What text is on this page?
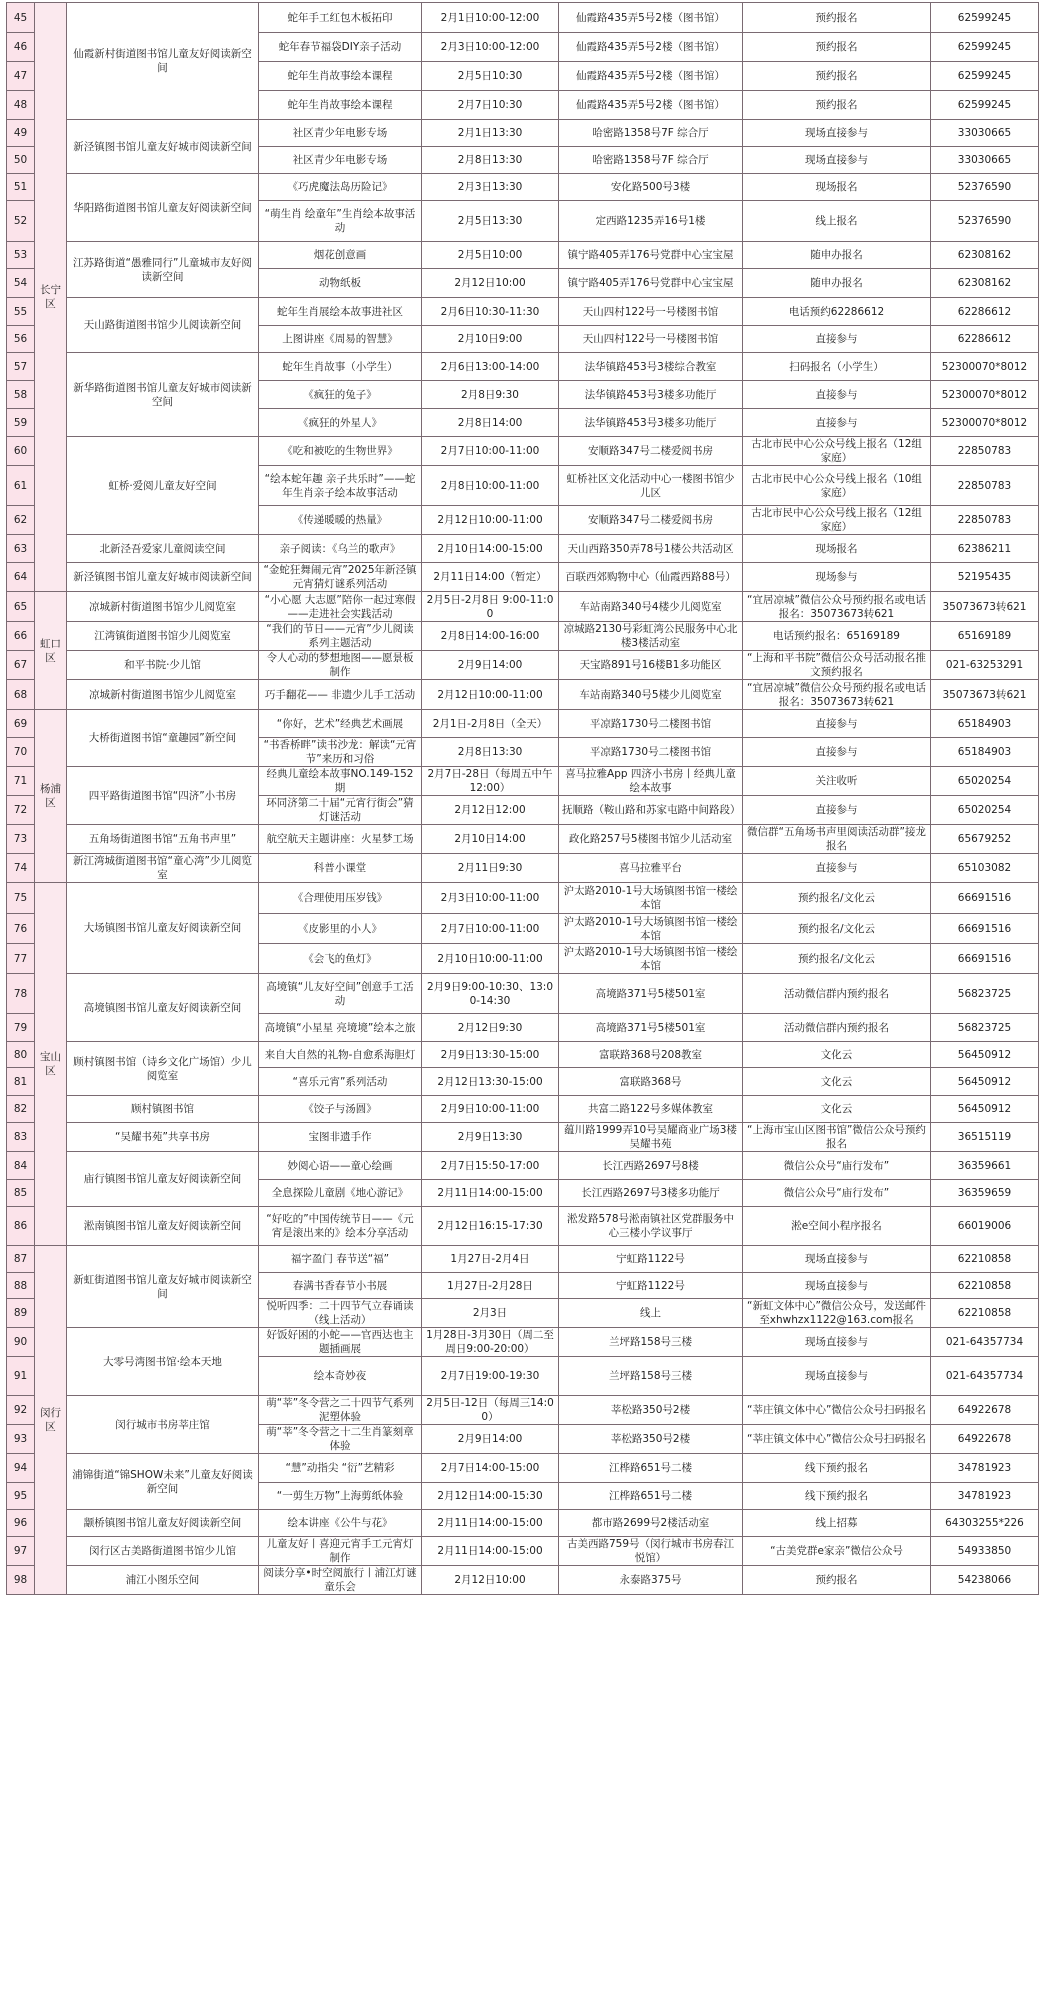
45	长宁区	仙霞新村街道图书馆儿童友好阅读新空间	蛇年手工红包木板拓印	2月1日10:00-12:00	仙霞路435弄5号2楼（图书馆）	预约报名	62599245
46			蛇年春节福袋DIY亲子活动	2月3日10:00-12:00	仙霞路435弄5号2楼（图书馆）	预约报名	62599245
47			蛇年生肖故事绘本课程	2月5日10:30	仙霞路435弄5号2楼（图书馆）	预约报名	62599245
48			蛇年生肖故事绘本课程	2月7日10:30	仙霞路435弄5号2楼（图书馆）	预约报名	62599245
49		新泾镇图书馆儿童友好城市阅读新空间	社区青少年电影专场	2月1日13:30	哈密路1358号7F 综合厅	现场直接参与	33030665
50			社区青少年电影专场	2月8日13:30	哈密路1358号7F 综合厅	现场直接参与	33030665
51		华阳路街道图书馆儿童友好阅读新空间	《巧虎魔法岛历险记》	2月3日13:30	安化路500号3楼	现场报名	52376590
52			“萌生肖 绘童年”生肖绘本故事活动	2月5日13:30	定西路1235弄16号1楼	线上报名	52376590
53		江苏路街道“愚雅同行”儿童城市友好阅读新空间	烟花创意画	2月5日10:00	镇宁路405弄176号党群中心宝宝屋	随申办报名	62308162
54			动物纸板	2月12日10:00	镇宁路405弄176号党群中心宝宝屋	随申办报名	62308162
55		天山路街道图书馆少儿阅读新空间	蛇年生肖展绘本故事进社区	2月6日10:30-11:30	天山四村122号一号楼图书馆	电话预约62286612	62286612
56			上图讲座《周易的智慧》	2月10日9:00	天山四村122号一号楼图书馆	直接参与	62286612
57		新华路街道图书馆儿童友好城市阅读新空间	蛇年生肖故事（小学生）	2月6日13:00-14:00	法华镇路453号3楼综合教室	扫码报名（小学生）	52300070*8012
58			《疯狂的兔子》	2月8日9:30	法华镇路453号3楼多功能厅	直接参与	52300070*8012
59			《疯狂的外星人》	2月8日14:00	法华镇路453号3楼多功能厅	直接参与	52300070*8012
60		虹桥·爱阅儿童友好空间	《吃和被吃的生物世界》	2月7日10:00-11:00	安顺路347号二楼爱阅书房	古北市民中心公众号线上报名（12组家庭）	22850783
61			“绘本蛇年趣 亲子共乐时”——蛇年生肖亲子绘本故事活动	2月8日10:00-11:00	虹桥社区文化活动中心一楼图书馆少儿区	古北市民中心公众号线上报名（10组家庭）	22850783
62			《传递暖暖的热量》	2月12日10:00-11:00	安顺路347号二楼爱阅书房	古北市民中心公众号线上报名（12组家庭）	22850783
63		北新泾吾爱家儿童阅读空间	亲子阅读：《乌兰的歌声》	2月10日14:00-15:00	天山西路350弄78号1楼公共活动区	现场报名	62386211
64		新泾镇图书馆儿童友好城市阅读新空间	“金蛇狂舞闹元宵”2025年新泾镇元宵猜灯谜系列活动	2月11日14:00（暂定）	百联西郊购物中心（仙霞西路88号）	现场参与	52195435
65	虹口区	凉城新村街道图书馆少儿阅览室	“小心愿 大志愿”陪你一起过寒假——走进社会实践活动	2月5日-2月8日 9:00-11:00	车站南路340号4楼少儿阅览室	“宜居凉城”微信公众号预约报名或电话报名：35073673转621	35073673转621
66		江湾镇街道图书馆少儿阅览室	“我们的节日——元宵”少儿阅读系列主题活动	2月8日14:00-16:00	凉城路2130号彩虹湾公民服务中心北楼3楼活动室	电话预约报名：65169189	65169189
67		和平书院·少儿馆	令人心动的梦想地图——愿景板制作	2月9日14:00	天宝路891号16楼B1多功能区	“上海和平书院”微信公众号活动报名推文预约报名	021-63253291
68		凉城新村街道图书馆少儿阅览室	巧手翻花—— 非遗少儿手工活动	2月12日10:00-11:00	车站南路340号5楼少儿阅览室	“宜居凉城”微信公众号预约报名或电话报名：35073673转621	35073673转621
69	杨浦区	大桥街道图书馆“童趣园”新空间	“你好，艺术”经典艺术画展	2月1日-2月8日（全天）	平凉路1730号二楼图书馆	直接参与	65184903
70			“书香桥畔”读书沙龙：解读“元宵节”来历和习俗	2月8日13:30	平凉路1730号二楼图书馆	直接参与	65184903
71		四平路街道图书馆“四济”小书房	经典儿童绘本故事NO.149-152期	2月7日-28日（每周五中午12:00）	喜马拉雅App 四济小书房丨经典儿童绘本故事	关注收听	65020254
72			环同济第二十届“元宵行街会”猜灯谜活动	2月12日12:00	抚顺路（鞍山路和苏家屯路中间路段）	直接参与	65020254
73		五角场街道图书馆“五角书声里”	航空航天主题讲座：火星梦工场	2月10日14:00	政化路257号5楼图书馆少儿活动室	微信群“五角场书声里阅读活动群”接龙报名	65679252
74		新江湾城街道图书馆“童心湾”少儿阅览室	科普小课堂	2月11日9:30	喜马拉雅平台	直接参与	65103082
75	宝山区	大场镇图书馆儿童友好阅读新空间	《合理使用压岁钱》	2月3日10:00-11:00	沪太路2010-1号大场镇图书馆一楼绘本馆	预约报名/文化云	66691516
76			《皮影里的小人》	2月7日10:00-11:00	沪太路2010-1号大场镇图书馆一楼绘本馆	预约报名/文化云	66691516
77			《会飞的鱼灯》	2月10日10:00-11:00	沪太路2010-1号大场镇图书馆一楼绘本馆	预约报名/文化云	66691516
78		高境镇图书馆儿童友好阅读新空间	高境镇“儿友好空间”创意手工活动	2月9日9:00-10:30、13:00-14:30	高境路371号5楼501室	活动微信群内预约报名	56823725
79			高境镇“小星星 亮境境”绘本之旅	2月12日9:30	高境路371号5楼501室	活动微信群内预约报名	56823725
80		顾村镇图书馆（诗乡文化广场馆）少儿阅览室	来自大自然的礼物-自愈系海胆灯	2月9日13:30-15:00	富联路368号208教室	文化云	56450912
81			“喜乐元宵”系列活动	2月12日13:30-15:00	富联路368号	文化云	56450912
82		顾村镇图书馆	《饺子与汤圆》	2月9日10:00-11:00	共富二路122号多媒体教室	文化云	56450912
83		“吴耀书苑”共享书房	宝图非遗手作	2月9日13:30	蕴川路1999弄10号吴耀商业广场3楼吴耀书苑	“上海市宝山区图书馆”微信公众号预约报名	36515119
84		庙行镇图书馆儿童友好阅读新空间	妙阅心语——童心绘画	2月7日15:50-17:00	长江西路2697号8楼	微信公众号“庙行发布”	36359661
85			全息探险儿童剧《地心游记》	2月11日14:00-15:00	长江西路2697号3楼多功能厅	微信公众号“庙行发布”	36359659
86		淞南镇图书馆儿童友好阅读新空间	“好吃的”中国传统节日——《元宵是滚出来的》绘本分享活动	2月12日16:15-17:30	淞发路578号淞南镇社区党群服务中心三楼小学议事厅	淞e空间小程序报名	66019006
87	闵行区	新虹街道图书馆儿童友好城市阅读新空间	福字盈门 春节送“福”	1月27日-2月4日	宁虹路1122号	现场直接参与	62210858
88			春满书香春节小书展	1月27日-2月28日	宁虹路1122号	现场直接参与	62210858
89			悦听四季：二十四节气立春诵读（线上活动）	2月3日	线上	“新虹文体中心”微信公众号，发送邮件至xhwhzx1122@163.com报名	62210858
90		大零号湾图书馆·绘本天地	好饭好困的小蛇——官西达也主题插画展	1月28日-3月30日（周二至周日9:00-20:00）	兰坪路158号三楼	现场直接参与	021-64357734
91			绘本奇妙夜	2月7日19:00-19:30	兰坪路158号三楼	现场直接参与	021-64357734
92		闵行城市书房莘庄馆	萌“莘”冬令营之二十四节气系列泥塑体验	2月5日-12日（每周三14:00）	莘松路350号2楼	“莘庄镇文体中心”微信公众号扫码报名	64922678
93			萌“莘”冬令营之十二生肖篆刻章体验	2月9日14:00	莘松路350号2楼	“莘庄镇文体中心”微信公众号扫码报名	64922678
94		浦锦街道“锦SHOW未来”儿童友好阅读新空间	“慧”动指尖 “衍”艺精彩	2月7日14:00-15:00	江桦路651号二楼	线下预约报名	34781923
95			“一剪生万物”上海剪纸体验	2月12日14:00-15:30	江桦路651号二楼	线下预约报名	34781923
96		颛桥镇图书馆儿童友好阅读新空间	绘本讲座《公牛与花》	2月11日14:00-15:00	都市路2699号2楼活动室	线上招募	64303255*226
97		闵行区古美路街道图书馆少儿馆	儿童友好丨喜迎元宵手工元宵灯制作	2月11日14:00-15:00	古美西路759号（闵行城市书房春江悦馆）	“古美党群e家亲”微信公众号	54933850
98		浦江小图乐空间	阅读分享•时空阅旅行丨浦江灯谜童乐会	2月12日10:00	永泰路375号	预约报名	54238066
